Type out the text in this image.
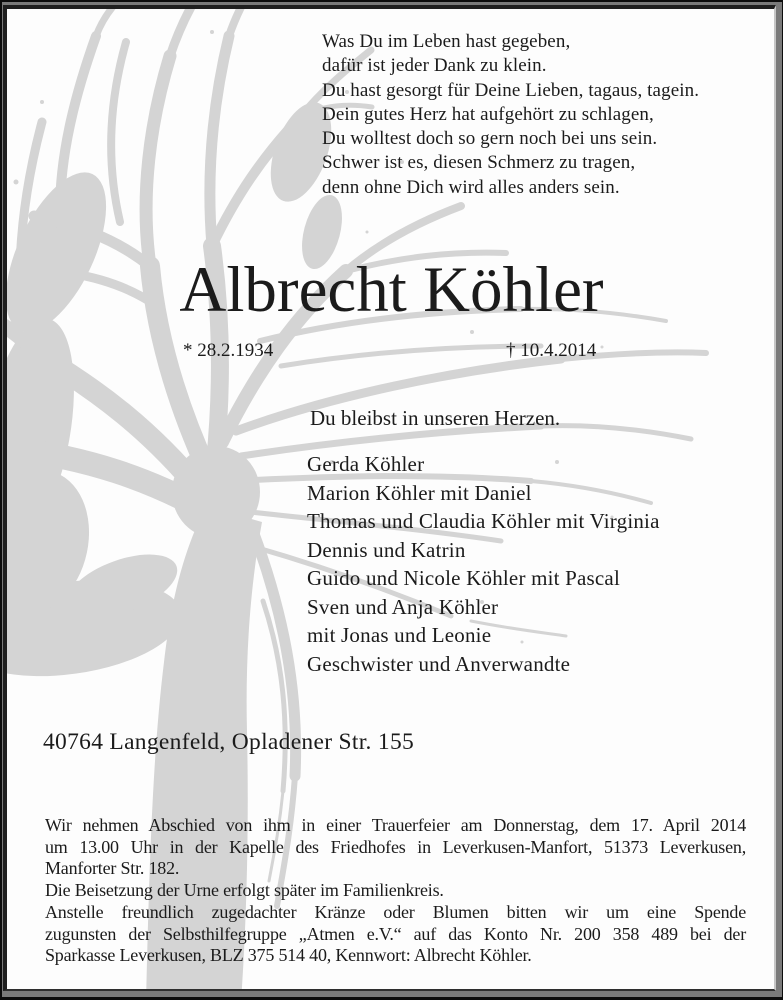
Was Du im Leben hast gegeben,
dafür ist jeder Dank zu klein.
Du hast gesorgt für Deine Lieben, tagaus, tagein.
Dein gutes Herz hat aufgehört zu schlagen,
Du wolltest doch so gern noch bei uns sein.
Schwer ist es, diesen Schmerz zu tragen,
denn ohne Dich wird alles anders sein.
Albrecht Köhler
* 28.2.1934	† 10.4.2014
Du bleibst in unseren Herzen.
Gerda Köhler
Marion Köhler mit Daniel
Thomas und Claudia Köhler mit Virginia
Dennis und Katrin
Guido und Nicole Köhler mit Pascal
Sven und Anja Köhler
mit Jonas und Leonie
Geschwister und Anverwandte
40764 Langenfeld, Opladener Str. 155
Wir nehmen Abschied von ihm in einer Trauerfeier am Donnerstag, dem 17. April 2014
um 13.00 Uhr in der Kapelle des Friedhofes in Leverkusen-Manfort, 51373 Leverkusen,
Manforter Str. 182.
Die Beisetzung der Urne erfolgt später im Familienkreis.
Anstelle freundlich zugedachter Kränze oder Blumen bitten wir um eine Spende
zugunsten der Selbsthilfegruppe „Atmen e.V.“ auf das Konto Nr. 200 358 489 bei der
Sparkasse Leverkusen, BLZ 375 514 40, Kennwort: Albrecht Köhler.
